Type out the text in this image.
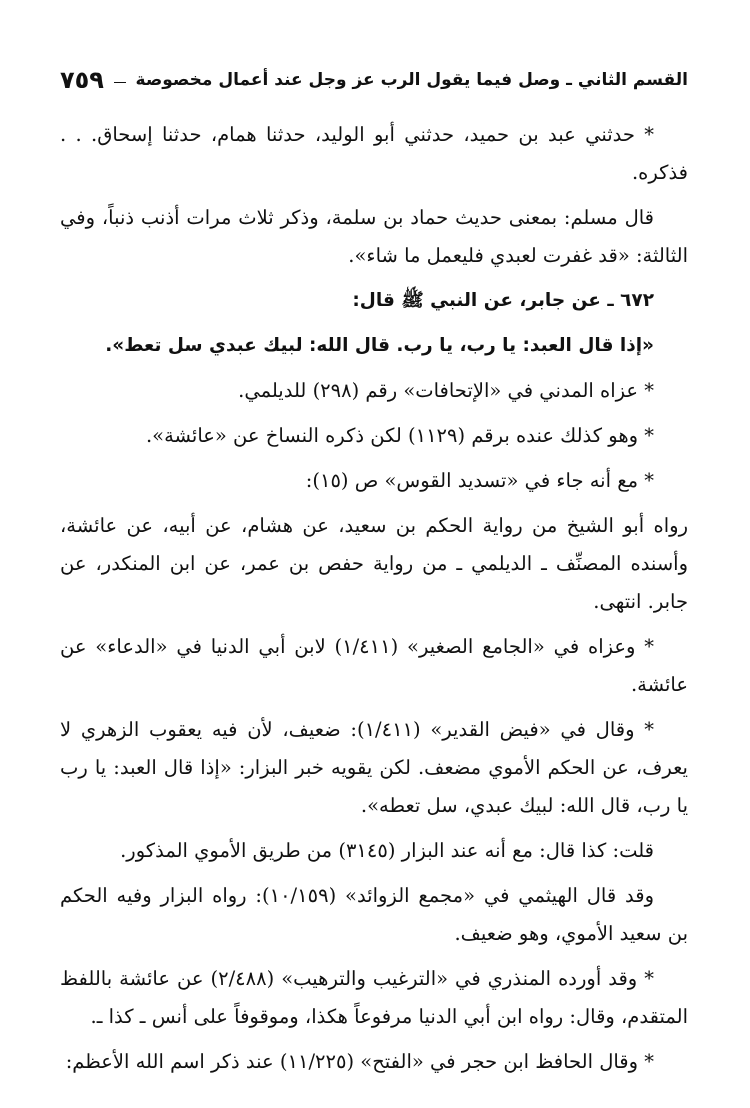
القسم الثاني ـ وصل فيما يقول الرب عز وجل عند أعمال مخصوصة
٧٥٩

* حدثني عبد بن حميد، حدثني أبو الوليد، حدثنا همام، حدثنا إسحاق. . . فذكره.

قال مسلم: بمعنى حديث حماد بن سلمة، وذكر ثلاث مرات أذنب ذنباً، وفي الثالثة: «قد غفرت لعبدي فليعمل ما شاء».

٦٧٢ ـ عن جابر، عن النبي ﷺ قال:

«إذا قال العبد: يا رب، يا رب. قال الله: لبيك عبدي سل تعط».

* عزاه المدني في «الإتحافات» رقم (٢٩٨) للديلمي.

* وهو كذلك عنده برقم (١١٢٩) لكن ذكره النساخ عن «عائشة».

* مع أنه جاء في «تسديد القوس» ص (١٥):

رواه أبو الشيخ من رواية الحكم بن سعيد، عن هشام، عن أبيه، عن عائشة، وأسنده المصنِّف ـ الديلمي ـ من رواية حفص بن عمر، عن ابن المنكدر، عن جابر. انتهى.

* وعزاه في «الجامع الصغير» (١/٤١١) لابن أبي الدنيا في «الدعاء» عن عائشة.

* وقال في «فيض القدير» (١/٤١١): ضعيف، لأن فيه يعقوب الزهري لا يعرف، عن الحكم الأموي مضعف. لكن يقويه خبر البزار: «إذا قال العبد: يا رب يا رب، قال الله: لبيك عبدي، سل تعطه».

قلت: كذا قال: مع أنه عند البزار (٣١٤٥) من طريق الأموي المذكور.

وقد قال الهيثمي في «مجمع الزوائد» (١٠/١٥٩): رواه البزار وفيه الحكم بن سعيد الأموي، وهو ضعيف.

* وقد أورده المنذري في «الترغيب والترهيب» (٢/٤٨٨) عن عائشة باللفظ المتقدم، وقال: رواه ابن أبي الدنيا مرفوعاً هكذا، وموقوفاً على أنس ـ كذا ـ.

* وقال الحافظ ابن حجر في «الفتح» (١١/٢٢٥) عند ذكر اسم الله الأعظم:
